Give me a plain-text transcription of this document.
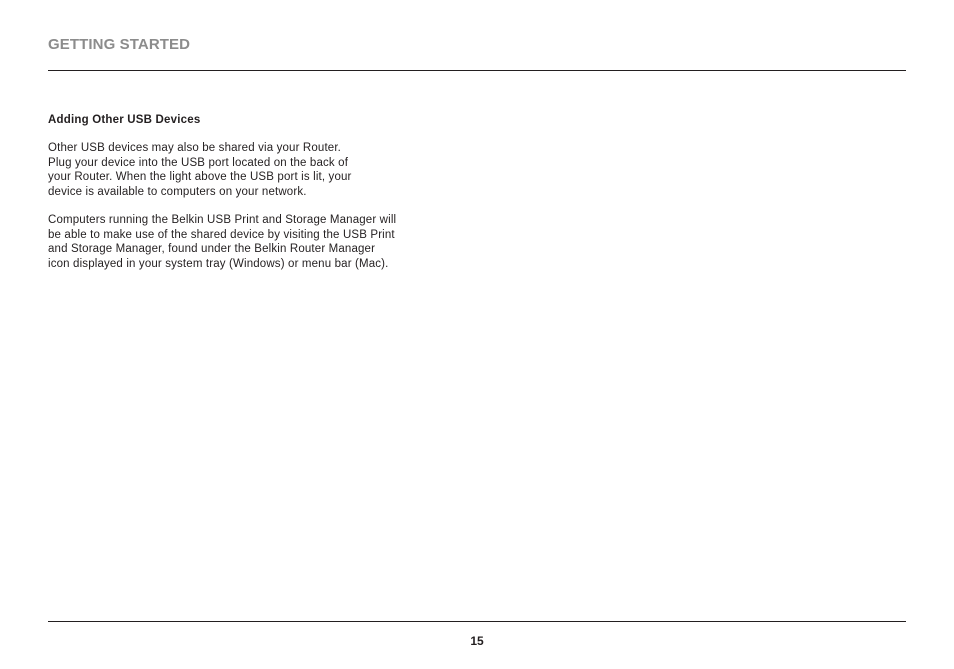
GETTING STARTED
Adding Other USB Devices
Other USB devices may also be shared via your Router.
Plug your device into the USB port located on the back of
your Router. When the light above the USB port is lit, your
device is available to computers on your network.
Computers running the Belkin USB Print and Storage Manager will
be able to make use of the shared device by visiting the USB Print
and Storage Manager, found under the Belkin Router Manager
icon displayed in your system tray (Windows) or menu bar (Mac).
15
